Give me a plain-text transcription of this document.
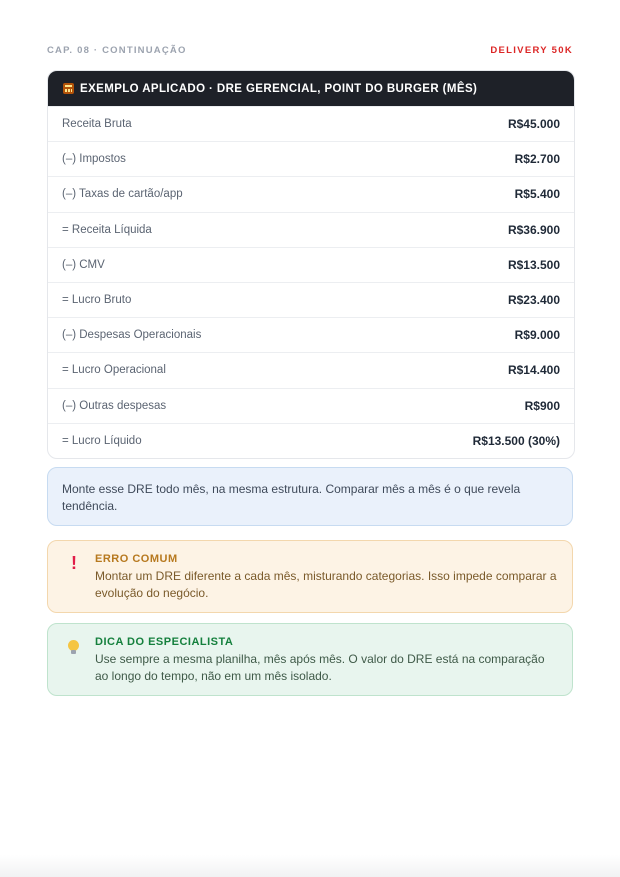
CAP. 08 · CONTINUAÇÃO	DELIVERY 50K
EXEMPLO APLICADO · DRE GERENCIAL, POINT DO BURGER (MÊS)
Receita Bruta	R$45.000
(–) Impostos	R$2.700
(–) Taxas de cartão/app	R$5.400
= Receita Líquida	R$36.900
(–) CMV	R$13.500
= Lucro Bruto	R$23.400
(–) Despesas Operacionais	R$9.000
= Lucro Operacional	R$14.400
(–) Outras despesas	R$900
= Lucro Líquido	R$13.500 (30%)
Monte esse DRE todo mês, na mesma estrutura. Comparar mês a mês é o que revela tendência.
!	ERRO COMUM
Montar um DRE diferente a cada mês, misturando categorias. Isso impede comparar a evolução do negócio.
DICA DO ESPECIALISTA
Use sempre a mesma planilha, mês após mês. O valor do DRE está na comparação ao longo do tempo, não em um mês isolado.
